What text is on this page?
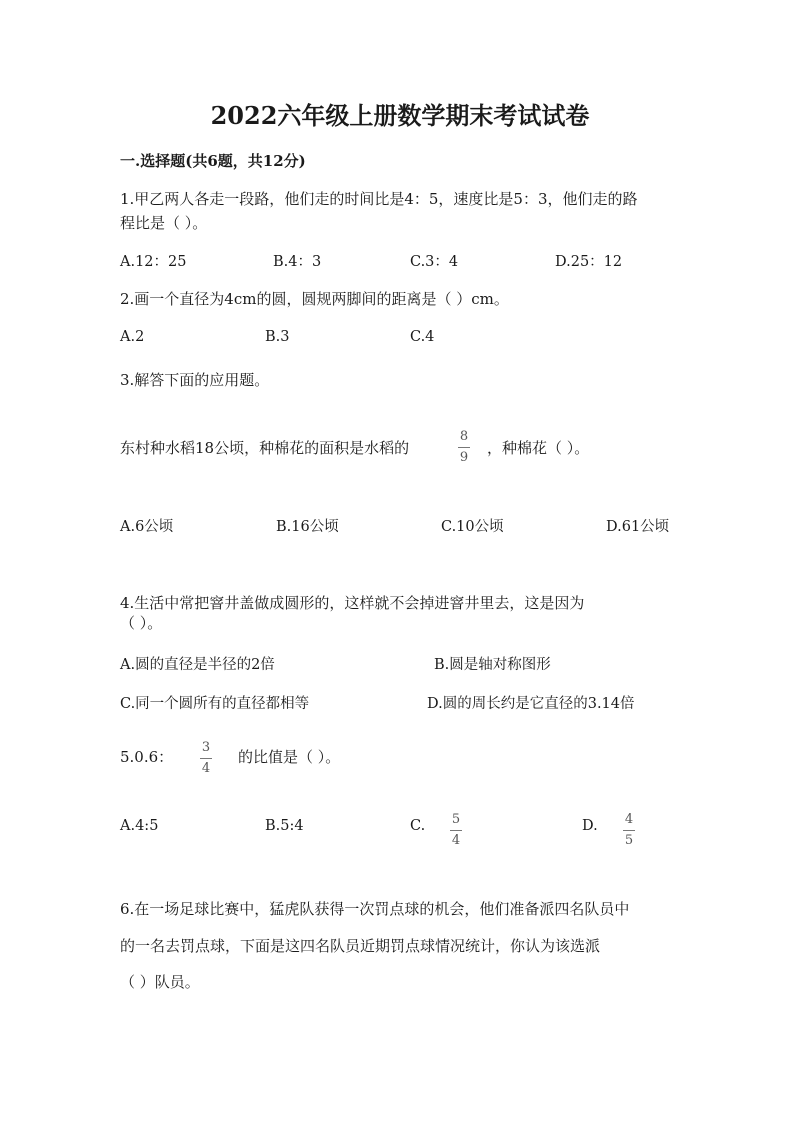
2022六年级上册数学期末考试试卷
一.选择题(共6题，共12分)
1.甲乙两人各走一段路，他们走的时间比是4：5，速度比是5：3，他们走的路
程比是（ ）。
A.12：25	B.4：3	C.3：4	D.25：12
2.画一个直径为4cm的圆，圆规两脚间的距离是（ ）cm。
A.2	B.3	C.4
3.解答下面的应用题。
东村种水稻18公顷，种棉花的面积是水稻的
8
9
，种棉花（ ）。
A.6公顷	B.16公顷	C.10公顷	D.61公顷
4.生活中常把窨井盖做成圆形的，这样就不会掉进窨井里去，这是因为
（ ）。
A.圆的直径是半径的2倍	B.圆是轴对称图形
C.同一个圆所有的直径都相等	D.圆的周长约是它直径的3.14倍
5.0.6：
3
4
的比值是（ ）。
A.4:5	B.5:4	C. 5
4
D. 4
5
6.在一场足球比赛中，猛虎队获得一次罚点球的机会，他们准备派四名队员中
的一名去罚点球，下面是这四名队员近期罚点球情况统计，你认为该选派
（ ）队员。
